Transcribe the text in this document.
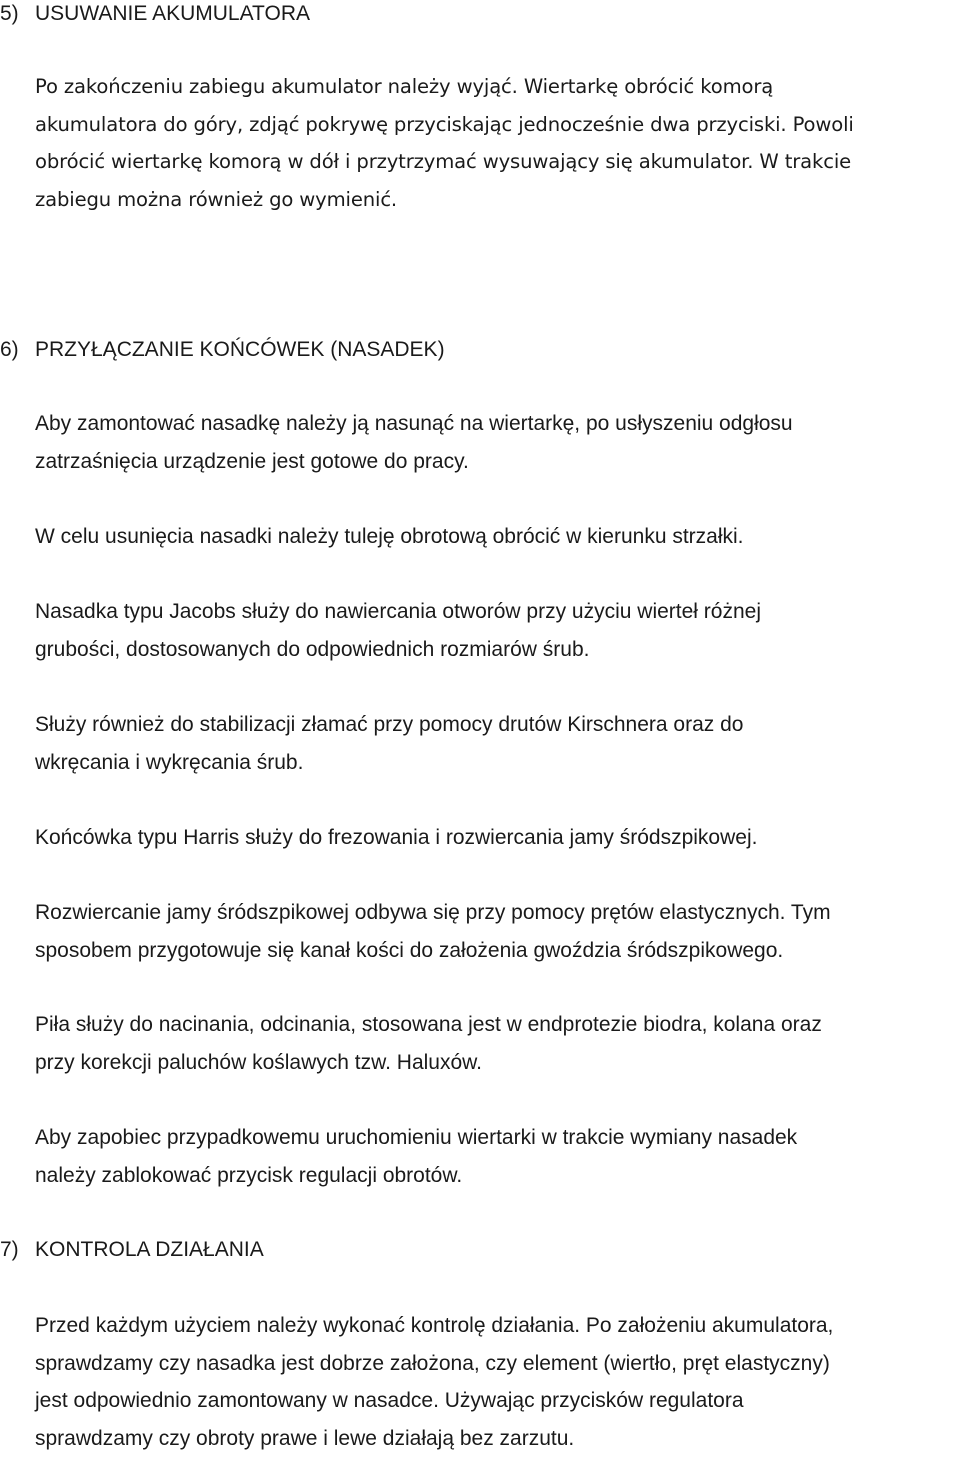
5) USUWANIE AKUMULATORA
Po zakończeniu zabiegu akumulator należy wyjąć. Wiertarkę obrócić komorą
akumulatora do góry, zdjąć pokrywę przyciskając jednocześnie dwa przyciski. Powoli
obrócić wiertarkę komorą w dół i przytrzymać wysuwający się akumulator. W trakcie
zabiegu można również go wymienić.
6) PRZYŁĄCZANIE KOŃCÓWEK (NASADEK)
Aby zamontować nasadkę należy ją nasunąć na wiertarkę, po usłyszeniu odgłosu
zatrzaśnięcia urządzenie jest gotowe do pracy.
W celu usunięcia nasadki należy tuleję obrotową obrócić w kierunku strzałki.
Nasadka typu Jacobs służy do nawiercania otworów przy użyciu wierteł różnej
grubości, dostosowanych do odpowiednich rozmiarów śrub.
Służy również do stabilizacji złamać przy pomocy drutów Kirschnera oraz do
wkręcania i wykręcania śrub.
Końcówka typu Harris służy do frezowania i rozwiercania jamy śródszpikowej.
Rozwiercanie jamy śródszpikowej odbywa się przy pomocy prętów elastycznych. Tym
sposobem przygotowuje się kanał kości do założenia gwoździa śródszpikowego.
Piła służy do nacinania, odcinania, stosowana jest w endprotezie biodra, kolana oraz
przy korekcji paluchów koślawych tzw. Haluxów.
Aby zapobiec przypadkowemu uruchomieniu wiertarki w trakcie wymiany nasadek
należy zablokować przycisk regulacji obrotów.
7) KONTROLA DZIAŁANIA
Przed każdym użyciem należy wykonać kontrolę działania. Po założeniu akumulatora,
sprawdzamy czy nasadka jest dobrze założona, czy element (wiertło, pręt elastyczny)
jest odpowiednio zamontowany w nasadce. Używając przycisków regulatora
sprawdzamy czy obroty prawe i lewe działają bez zarzutu.
